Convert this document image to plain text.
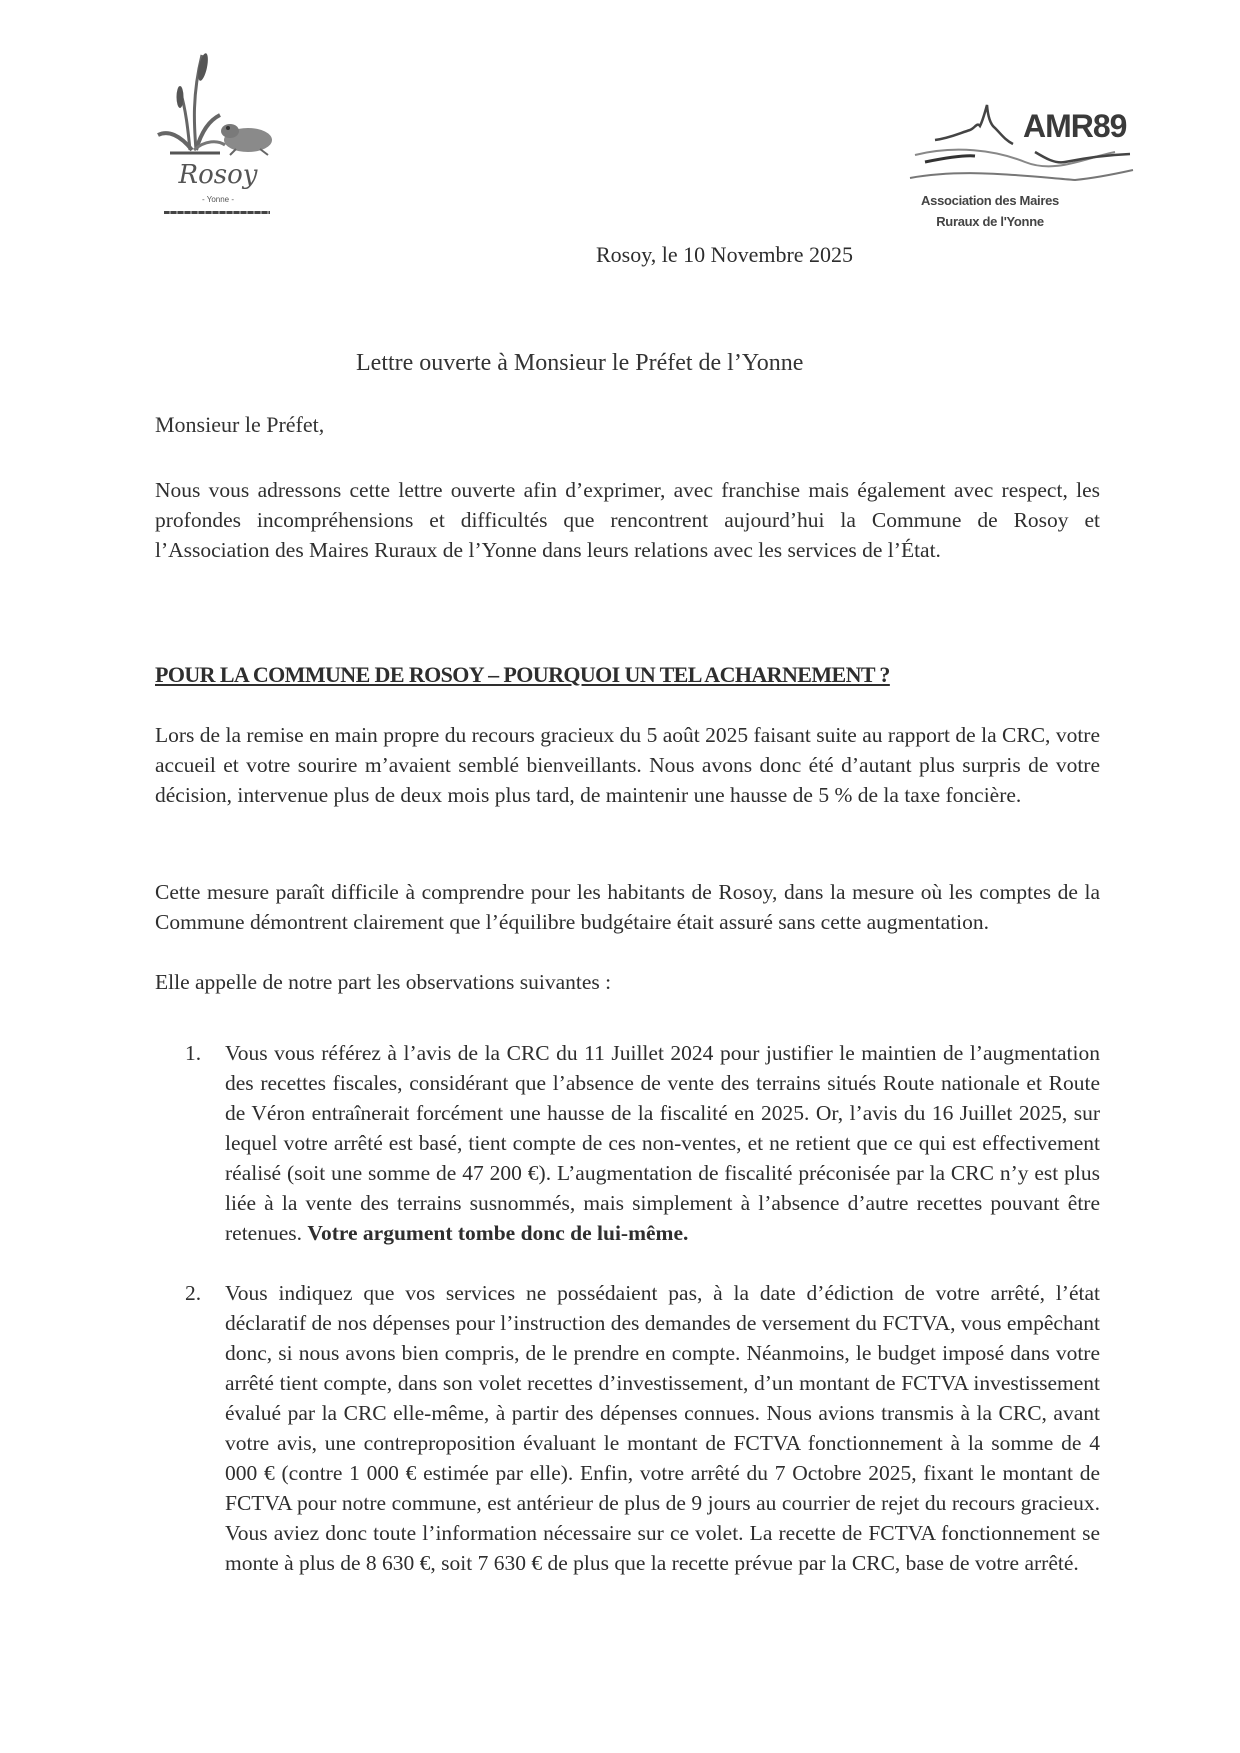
Rosoy
- Yonne -
AMR89
Association des Maires
Ruraux de l'Yonne
Rosoy, le 10 Novembre 2025
Lettre ouverte à Monsieur le Préfet de l’Yonne
Monsieur le Préfet,

Nous vous adressons cette lettre ouverte afin d’exprimer, avec franchise mais également avec respect, les profondes incompréhensions et difficultés que rencontrent aujourd’hui la Commune de Rosoy et l’Association des Maires Ruraux de l’Yonne dans leurs relations avec les services de l’État.

POUR LA COMMUNE DE ROSOY – POURQUOI UN TEL ACHARNEMENT ?

Lors de la remise en main propre du recours gracieux du 5 août 2025 faisant suite au rapport de la CRC, votre accueil et votre sourire m’avaient semblé bienveillants. Nous avons donc été d’autant plus surpris de votre décision, intervenue plus de deux mois plus tard, de maintenir une hausse de 5 % de la taxe foncière.

Cette mesure paraît difficile à comprendre pour les habitants de Rosoy, dans la mesure où les comptes de la Commune démontrent clairement que l’équilibre budgétaire était assuré sans cette augmentation.

Elle appelle de notre part les observations suivantes :

1. Vous vous référez à l’avis de la CRC du 11 Juillet 2024 pour justifier le maintien de l’augmentation des recettes fiscales, considérant que l’absence de vente des terrains situés Route nationale et Route de Véron entraînerait forcément une hausse de la fiscalité en 2025. Or, l’avis du 16 Juillet 2025, sur lequel votre arrêté est basé, tient compte de ces non-ventes, et ne retient que ce qui est effectivement réalisé (soit une somme de 47 200 €). L’augmentation de fiscalité préconisée par la CRC n’y est plus liée à la vente des terrains susnommés, mais simplement à l’absence d’autre recettes pouvant être retenues. Votre argument tombe donc de lui-même.
2. Vous indiquez que vos services ne possédaient pas, à la date d’édiction de votre arrêté, l’état déclaratif de nos dépenses pour l’instruction des demandes de versement du FCTVA, vous empêchant donc, si nous avons bien compris, de le prendre en compte. Néanmoins, le budget imposé dans votre arrêté tient compte, dans son volet recettes d’investissement, d’un montant de FCTVA investissement évalué par la CRC elle-même, à partir des dépenses connues. Nous avions transmis à la CRC, avant votre avis, une contreproposition évaluant le montant de FCTVA fonctionnement à la somme de 4 000 € (contre 1 000 € estimée par elle). Enfin, votre arrêté du 7 Octobre 2025, fixant le montant de FCTVA pour notre commune, est antérieur de plus de 9 jours au courrier de rejet du recours gracieux. Vous aviez donc toute l’information nécessaire sur ce volet. La recette de FCTVA fonctionnement se monte à plus de 8 630 €, soit 7 630 € de plus que la recette prévue par la CRC, base de votre arrêté.
